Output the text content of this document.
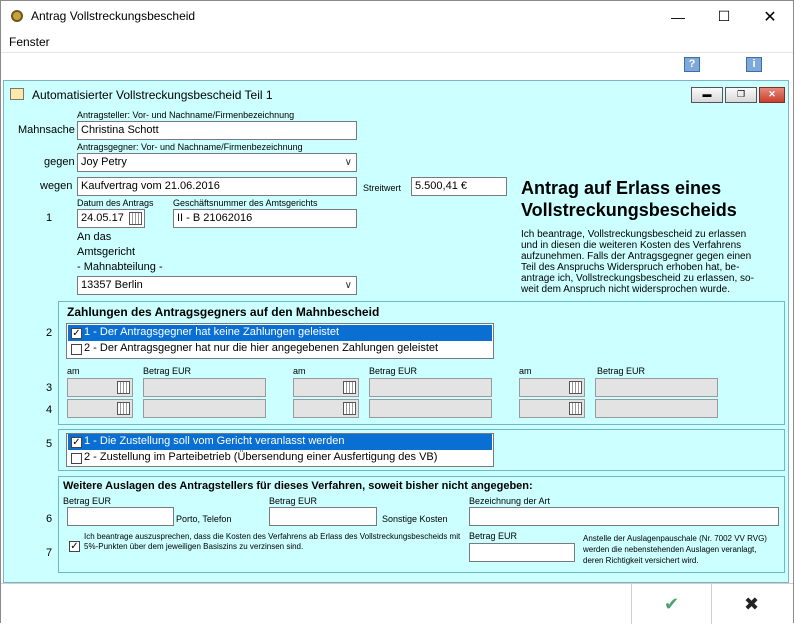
Antrag Vollstreckungsbescheid	—	☐	✕
Fenster
?	i
Automatisierter Vollstreckungsbescheid Teil 1	▬	❐	✕
Antragsteller: Vor- und Nachname/Firmenbezeichnung
Mahnsache Christina Schott
Antragsgegner: Vor- und Nachname/Firmenbezeichnung
gegen Joy Petry	∨
wegen Kaufvertrag vom 21.06.2016	Streitwert	5.500,41 €
Datum des Antrags Geschäftsnummer des Amtsgerichts
1	24.05.17	II - B 21062016
An das
Amtsgericht
- Mahnabteilung -
13357 Berlin	∨
Antrag auf Erlass eines
Vollstreckungsbescheids
Ich beantrage, Vollstreckungsbescheid zu erlassen und in diesen die weiteren Kosten des Verfahrens aufzunehmen. Falls der Antragsgegner gegen einen Teil des Anspruchs Widerspruch erhoben hat, be-antrage ich, Vollstreckungsbescheid zu erlassen, so-weit dem Anspruch nicht widersprochen wurde.
Zahlungen des Antragsgegners auf den Mahnbescheid
2 ✓ 1 - Der Antragsgegner hat keine Zahlungen geleistet
2 - Der Antragsgegner hat nur die hier angegebenen Zahlungen geleistet
am	Betrag EUR	am	Betrag EUR	am	Betrag EUR
3
4
5 ✓ 1 - Die Zustellung soll vom Gericht veranlasst werden
2 - Zustellung im Parteibetrieb (Übersendung einer Ausfertigung des VB)
Weitere Auslagen des Antragstellers für dieses Verfahren, soweit bisher nicht angegeben:
Betrag EUR	Betrag EUR	Bezeichnung der Art
6	Porto, Telefon	Sonstige Kosten
7
✓
Ich beantrage auszusprechen, dass die Kosten des Verfahrens ab Erlass des Vollstreckungsbescheids mit 5%-Punkten über dem jeweiligen Basiszins zu verzinsen sind.
Betrag EUR	Anstelle der Auslagenpauschale (Nr. 7002 VV RVG) werden die nebenstehenden Auslagen veranlagt, deren Richtigkeit versichert wird.
✔	✖
